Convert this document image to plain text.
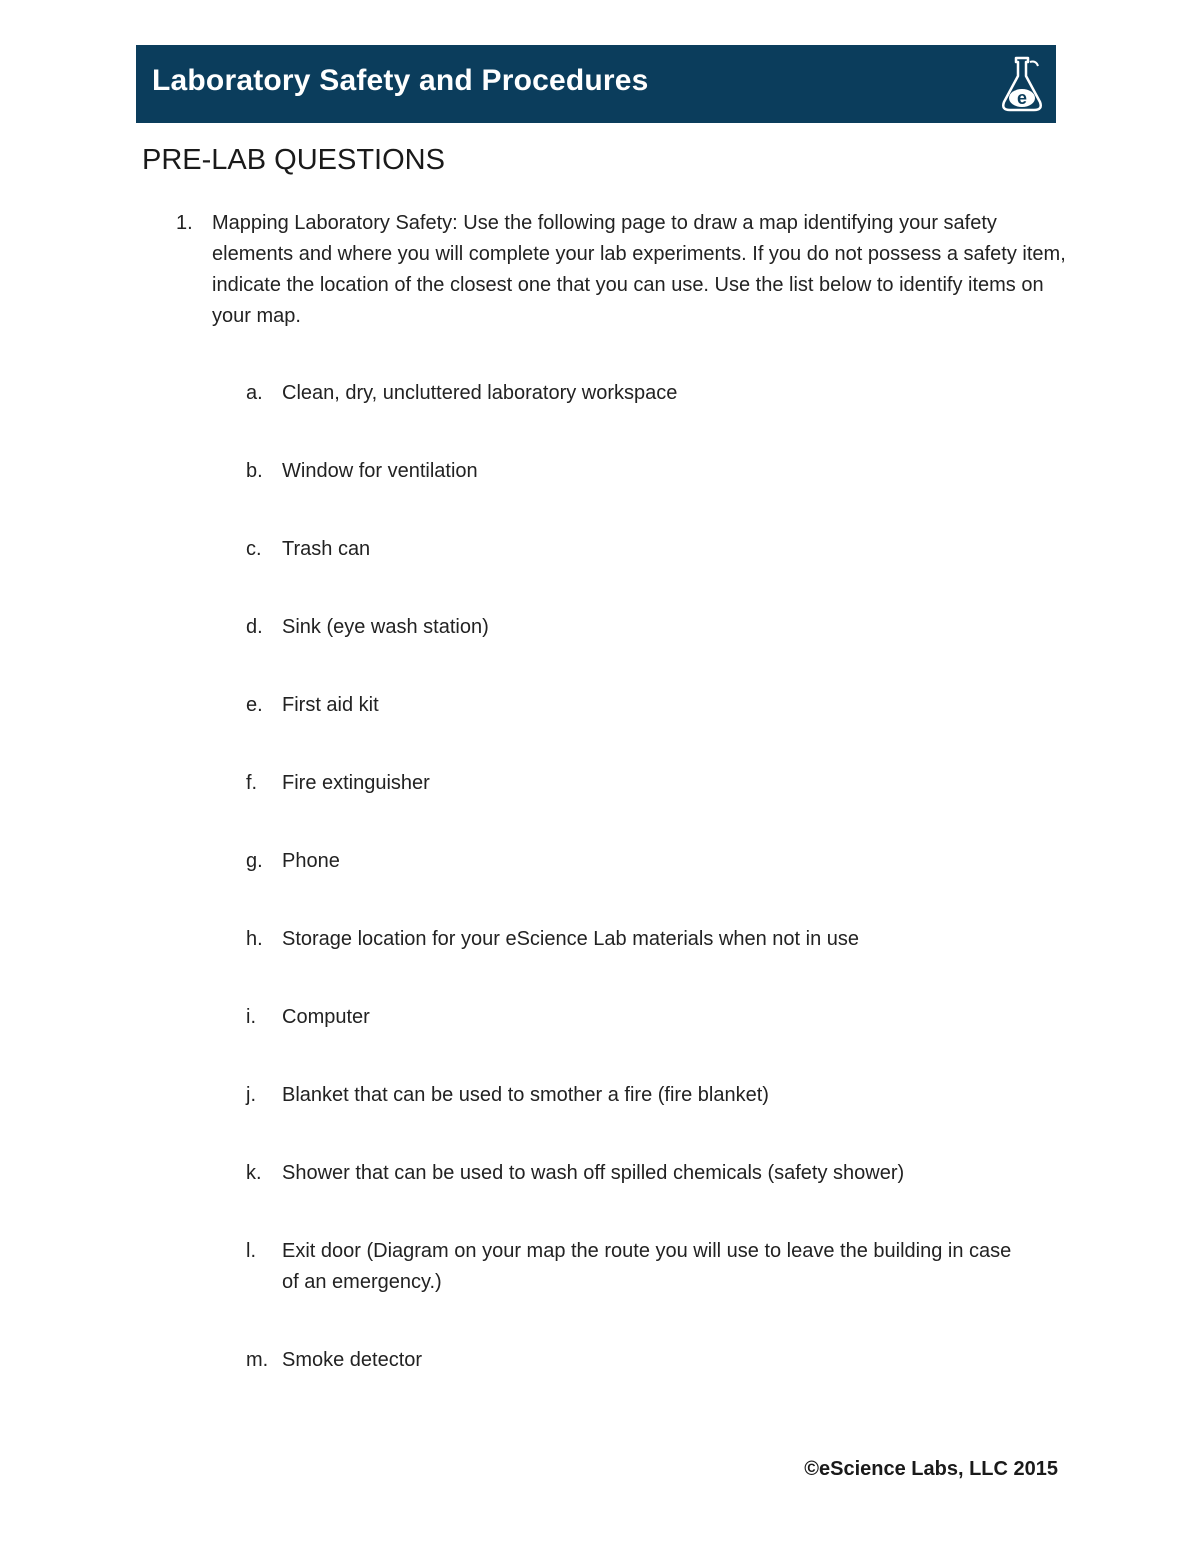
Laboratory Safety and Procedures
e
PRE-LAB QUESTIONS
1. Mapping Laboratory Safety: Use the following page to draw a map identifying your safety elements and where you will complete your lab experiments. If you do not possess a safety item, indicate the location of the closest one that you can use. Use the list below to identify items on your map.
a. Clean, dry, uncluttered laboratory workspace
b. Window for ventilation
c. Trash can
d. Sink (eye wash station)
e. First aid kit
f. Fire extinguisher
g. Phone
h. Storage location for your eScience Lab materials when not in use
i. Computer
j. Blanket that can be used to smother a fire (fire blanket)
k. Shower that can be used to wash off spilled chemicals (safety shower)
l. Exit door (Diagram on your map the route you will use to leave the building in case of an emergency.)
m. Smoke detector
©eScience Labs, LLC 2015
